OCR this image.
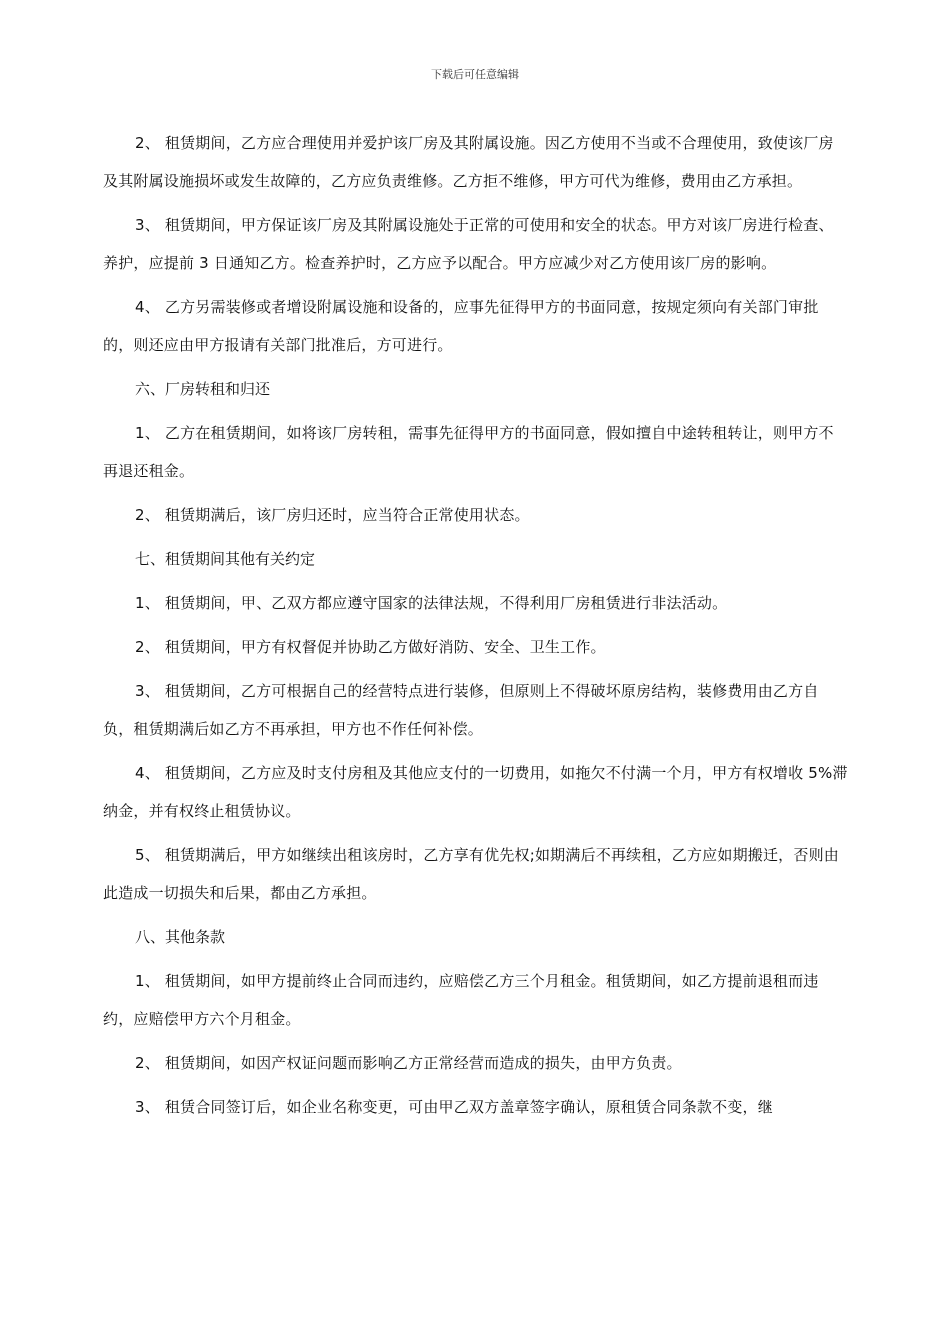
下载后可任意编辑

2、 租赁期间，乙方应合理使用并爱护该厂房及其附属设施。因乙方使用不当或不合理使用，致使该厂房及其附属设施损坏或发生故障的，乙方应负责维修。乙方拒不维修，甲方可代为维修，费用由乙方承担。

3、 租赁期间，甲方保证该厂房及其附属设施处于正常的可使用和安全的状态。甲方对该厂房进行检查、养护，应提前 3 日通知乙方。检查养护时，乙方应予以配合。甲方应减少对乙方使用该厂房的影响。

4、 乙方另需装修或者增设附属设施和设备的，应事先征得甲方的书面同意，按规定须向有关部门审批的，则还应由甲方报请有关部门批准后，方可进行。

六、厂房转租和归还

1、 乙方在租赁期间，如将该厂房转租，需事先征得甲方的书面同意，假如擅自中途转租转让，则甲方不再退还租金。

2、 租赁期满后，该厂房归还时，应当符合正常使用状态。

七、租赁期间其他有关约定

1、 租赁期间，甲、乙双方都应遵守国家的法律法规，不得利用厂房租赁进行非法活动。

2、 租赁期间，甲方有权督促并协助乙方做好消防、安全、卫生工作。

3、 租赁期间，乙方可根据自己的经营特点进行装修，但原则上不得破坏原房结构，装修费用由乙方自负，租赁期满后如乙方不再承担，甲方也不作任何补偿。

4、 租赁期间，乙方应及时支付房租及其他应支付的一切费用，如拖欠不付满一个月，甲方有权增收 5%滞纳金，并有权终止租赁协议。

5、 租赁期满后，甲方如继续出租该房时，乙方享有优先权;如期满后不再续租，乙方应如期搬迁，否则由此造成一切损失和后果，都由乙方承担。

八、其他条款

1、 租赁期间，如甲方提前终止合同而违约，应赔偿乙方三个月租金。租赁期间，如乙方提前退租而违约，应赔偿甲方六个月租金。

2、 租赁期间，如因产权证问题而影响乙方正常经营而造成的损失，由甲方负责。

3、 租赁合同签订后，如企业名称变更，可由甲乙双方盖章签字确认，原租赁合同条款不变，继
